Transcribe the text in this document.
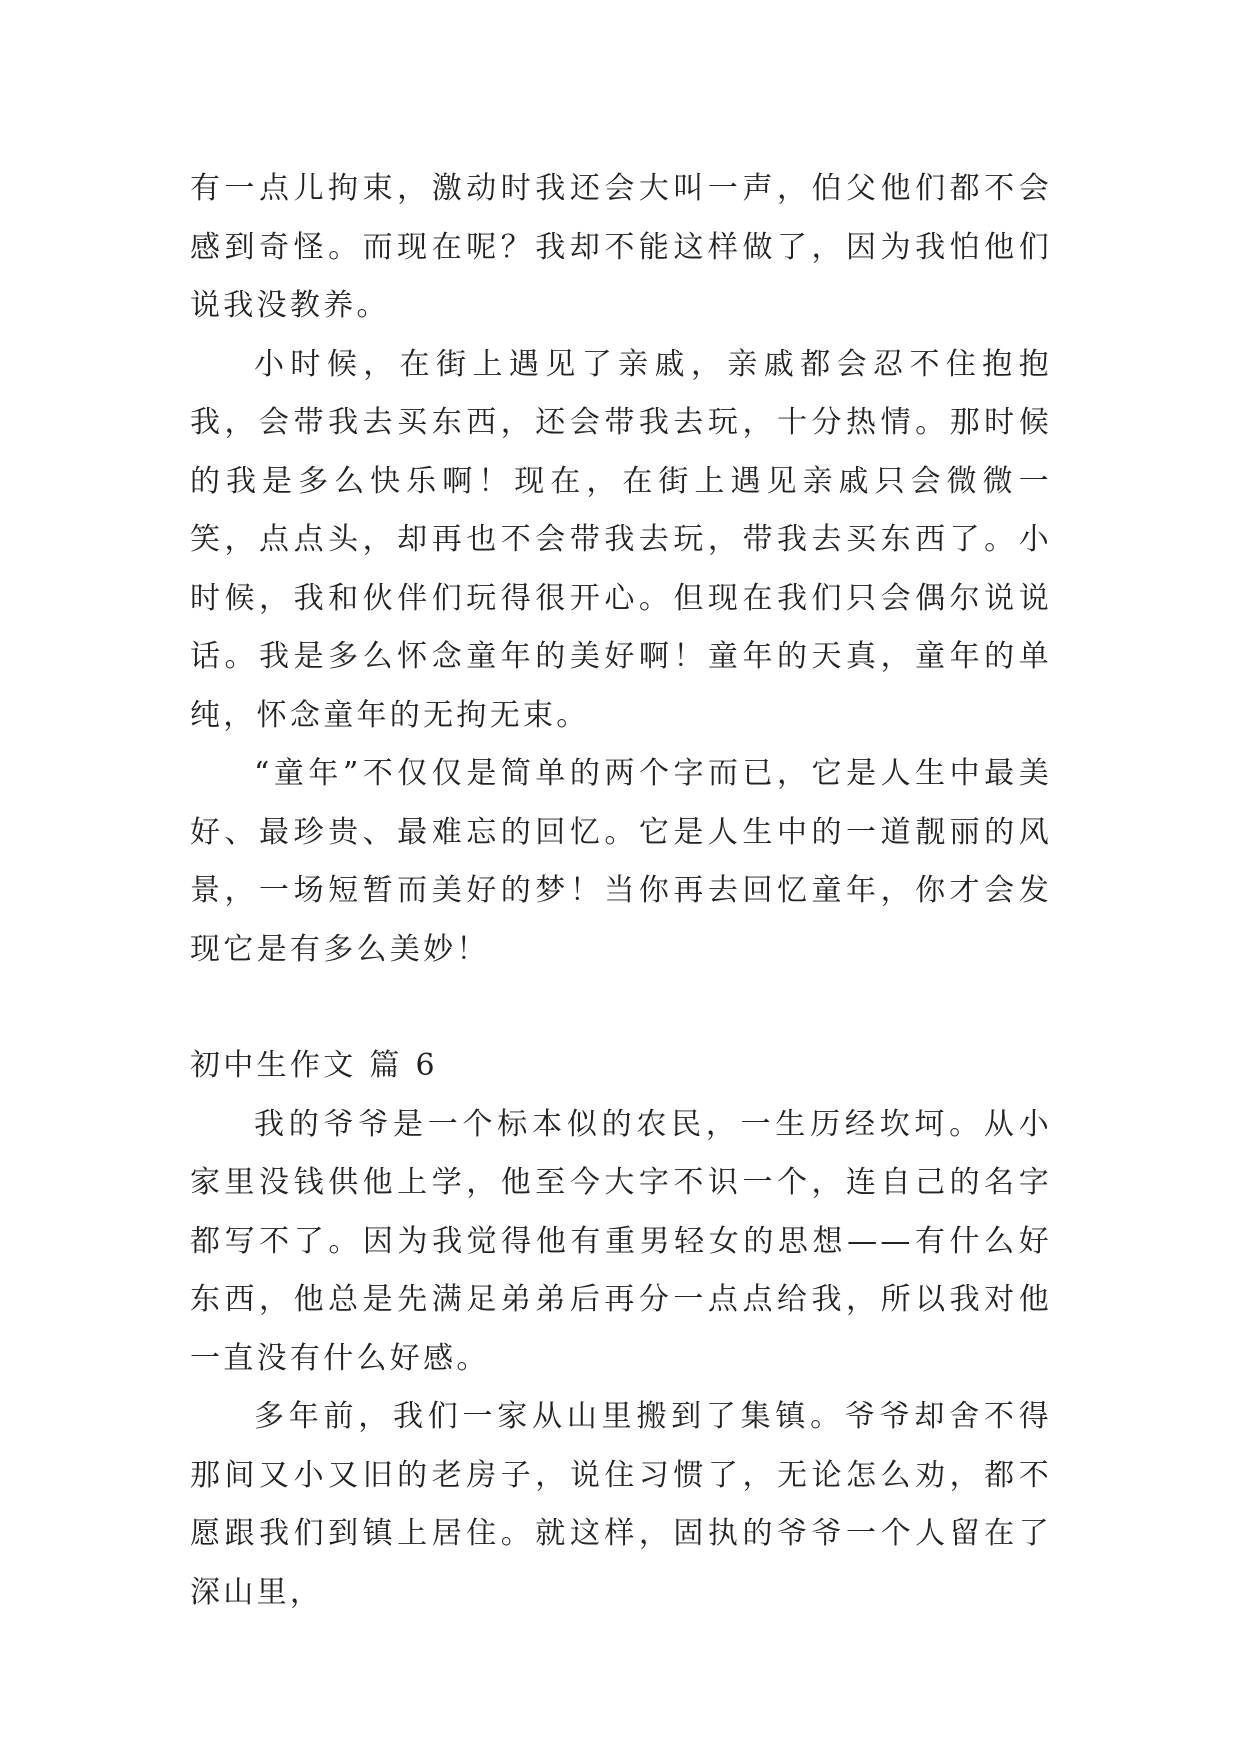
有一点儿拘束，激动时我还会大叫一声，伯父他们都不会感到奇怪。而现在呢？我却不能这样做了，因为我怕他们说我没教养。

小时候，在街上遇见了亲戚，亲戚都会忍不住抱抱我，会带我去买东西，还会带我去玩，十分热情。那时候的我是多么快乐啊！现在，在街上遇见亲戚只会微微一笑，点点头，却再也不会带我去玩，带我去买东西了。小时候，我和伙伴们玩得很开心。但现在我们只会偶尔说说话。我是多么怀念童年的美好啊！童年的天真，童年的单纯，怀念童年的无拘无束。

“童年”不仅仅是简单的两个字而已，它是人生中最美好、最珍贵、最难忘的回忆。它是人生中的一道靓丽的风景，一场短暂而美好的梦！当你再去回忆童年，你才会发现它是有多么美妙！

初中生作文 篇 6

我的爷爷是一个标本似的农民，一生历经坎坷。从小家里没钱供他上学，他至今大字不识一个，连自己的名字都写不了。因为我觉得他有重男轻女的思想——有什么好东西，他总是先满足弟弟后再分一点点给我，所以我对他一直没有什么好感。

多年前，我们一家从山里搬到了集镇。爷爷却舍不得那间又小又旧的老房子，说住习惯了，无论怎么劝，都不愿跟我们到镇上居住。就这样，固执的爷爷一个人留在了深山里，
